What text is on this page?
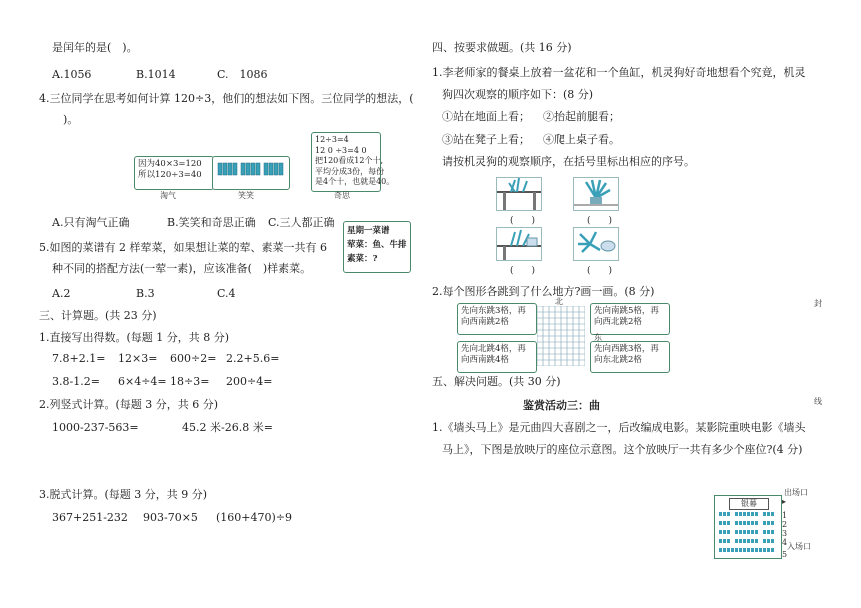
是闰年的是(　)。
A.1056	B.1014	C.　1086
4.三位同学在思考如何计算 120÷3，他们的想法如下图。三位同学的想法，(
　)。
因为40×3=120
所以120÷3=40
12÷3=4
12 0 ÷3=4 0
把120看成12个十,
平均分成3份，每份
是4个十，也就是40。
淘气	笑笑	奇思
A.只有淘气正确	B.笑笑和奇思正确 C.三人都正确
5.如图的菜谱有 2 样荤菜，如果想让菜的荤、素菜一共有 6
种不同的搭配方法(一荤一素)，应该准备(　)样素菜。
星期一菜谱
荤菜：鱼、牛排
素菜：?
A.2	B.3	C.4
三、计算题。(共 23 分)
1.直接写出得数。(每题 1 分，共 8 分)
7.8+2.1= 12×3= 600÷2= 2.2+5.6=
3.8-1.2= 6×4÷4= 18÷3= 200÷4=
2.列竖式计算。(每题 3 分，共 6 分)
1000-237-563=	45.2 米-26.8 米=
3.脱式计算。(每题 3 分，共 9 分)
367+251-232 903-70×5 (160+470)÷9
四、按要求做题。(共 16 分)
1.李老师家的餐桌上放着一盆花和一个鱼缸，机灵狗好奇地想看个究竟，机灵
狗四次观察的顺序如下：(8 分)
①站在地面上看； ②抬起前腿看；
③站在凳子上看； ④爬上桌子看。
请按机灵狗的观察顺序，在括号里标出相应的序号。
(　　)	(　　)
(　　)	(　　)
2.每个图形各跳到了什么地方?画一画。(8 分)
先向东跳3格，再
向西南跳2格
先向南跳5格，再
向西北跳2格
先向北跳4格，再
向西南跳4格
先向西跳3格，再
向东北跳2格
北
东
五、解决问题。(共 30 分)
鉴赏活动三：曲
1.《墙头马上》是元曲四大喜剧之一，后改编成电影。某影院重映电影《墙头
马上》，下图是放映厅的座位示意图。这个放映厅一共有多少个座位?(4 分)
银幕
出场口
▸
1
2
3
4 入场口
5
封
线
